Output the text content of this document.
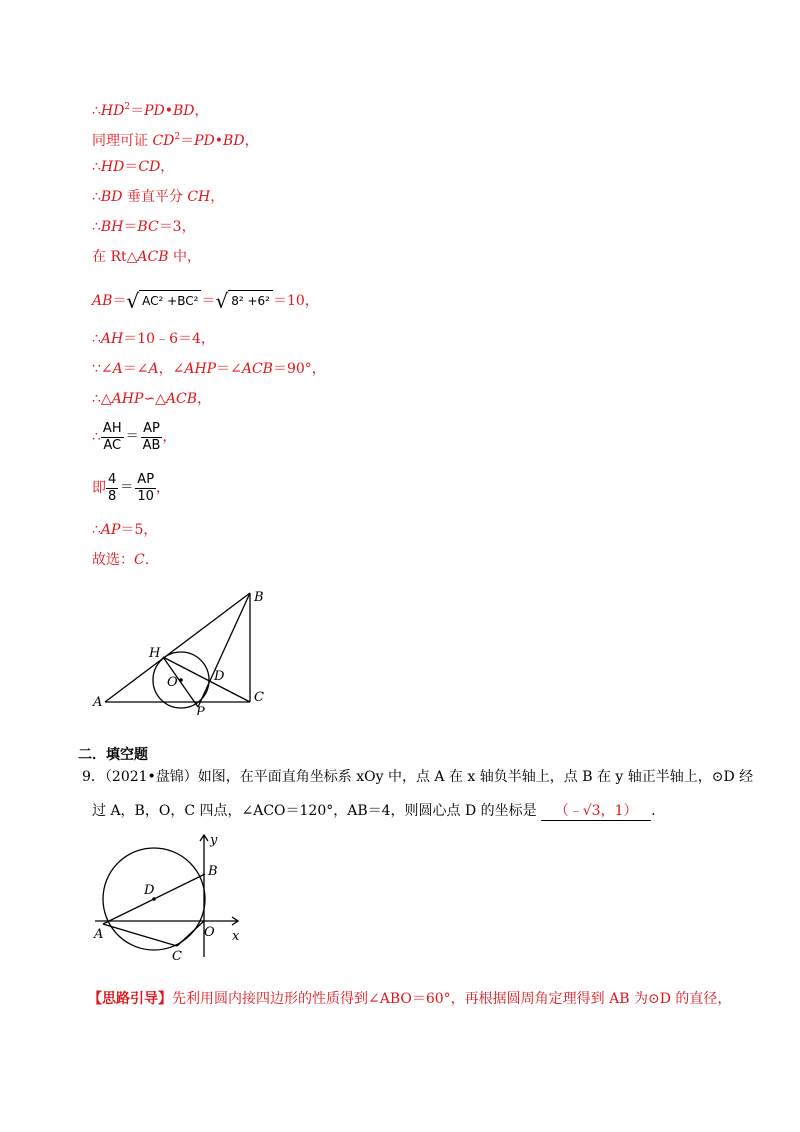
$\therefore HD^2=PD•BD$，
同理可证 $CD^2=PD•BD$，
∴HD＝CD，
∴BD 垂直平分 CH，
∴BH＝BC＝3，
在 Rt△ACB 中，
AB＝√ AC² +BC² ＝√ 8² +6² ＝10，
∴AH＝10﹣6＝4，
∵∠A＝∠A，∠AHP＝∠ACB＝90°，
∴△AHP∽△ACB，
∴ $\frac{AH}{AC} = \frac{AP}{AB}$ ，
即 $\frac{4}{8} = \frac{AP}{10}$ ，
∴AP＝5，
故选：C.
A
B
C
H
O	D
P
二．填空题
9．（2021•盘锦）如图，在平面直角坐标系 xOy 中，点 A 在 x 轴负半轴上，点 B 在 y 轴正半轴上，⊙D 经
过 A，B，O，C 四点，∠ACO＝120°，AB＝4，则圆心点 D 的坐标是 （﹣√3，1） .
y
x
A
B
C
D
O
【思路引导】先利用圆内接四边形的性质得到∠ABO＝60°，再根据圆周角定理得到 AB 为⊙D 的直径，
